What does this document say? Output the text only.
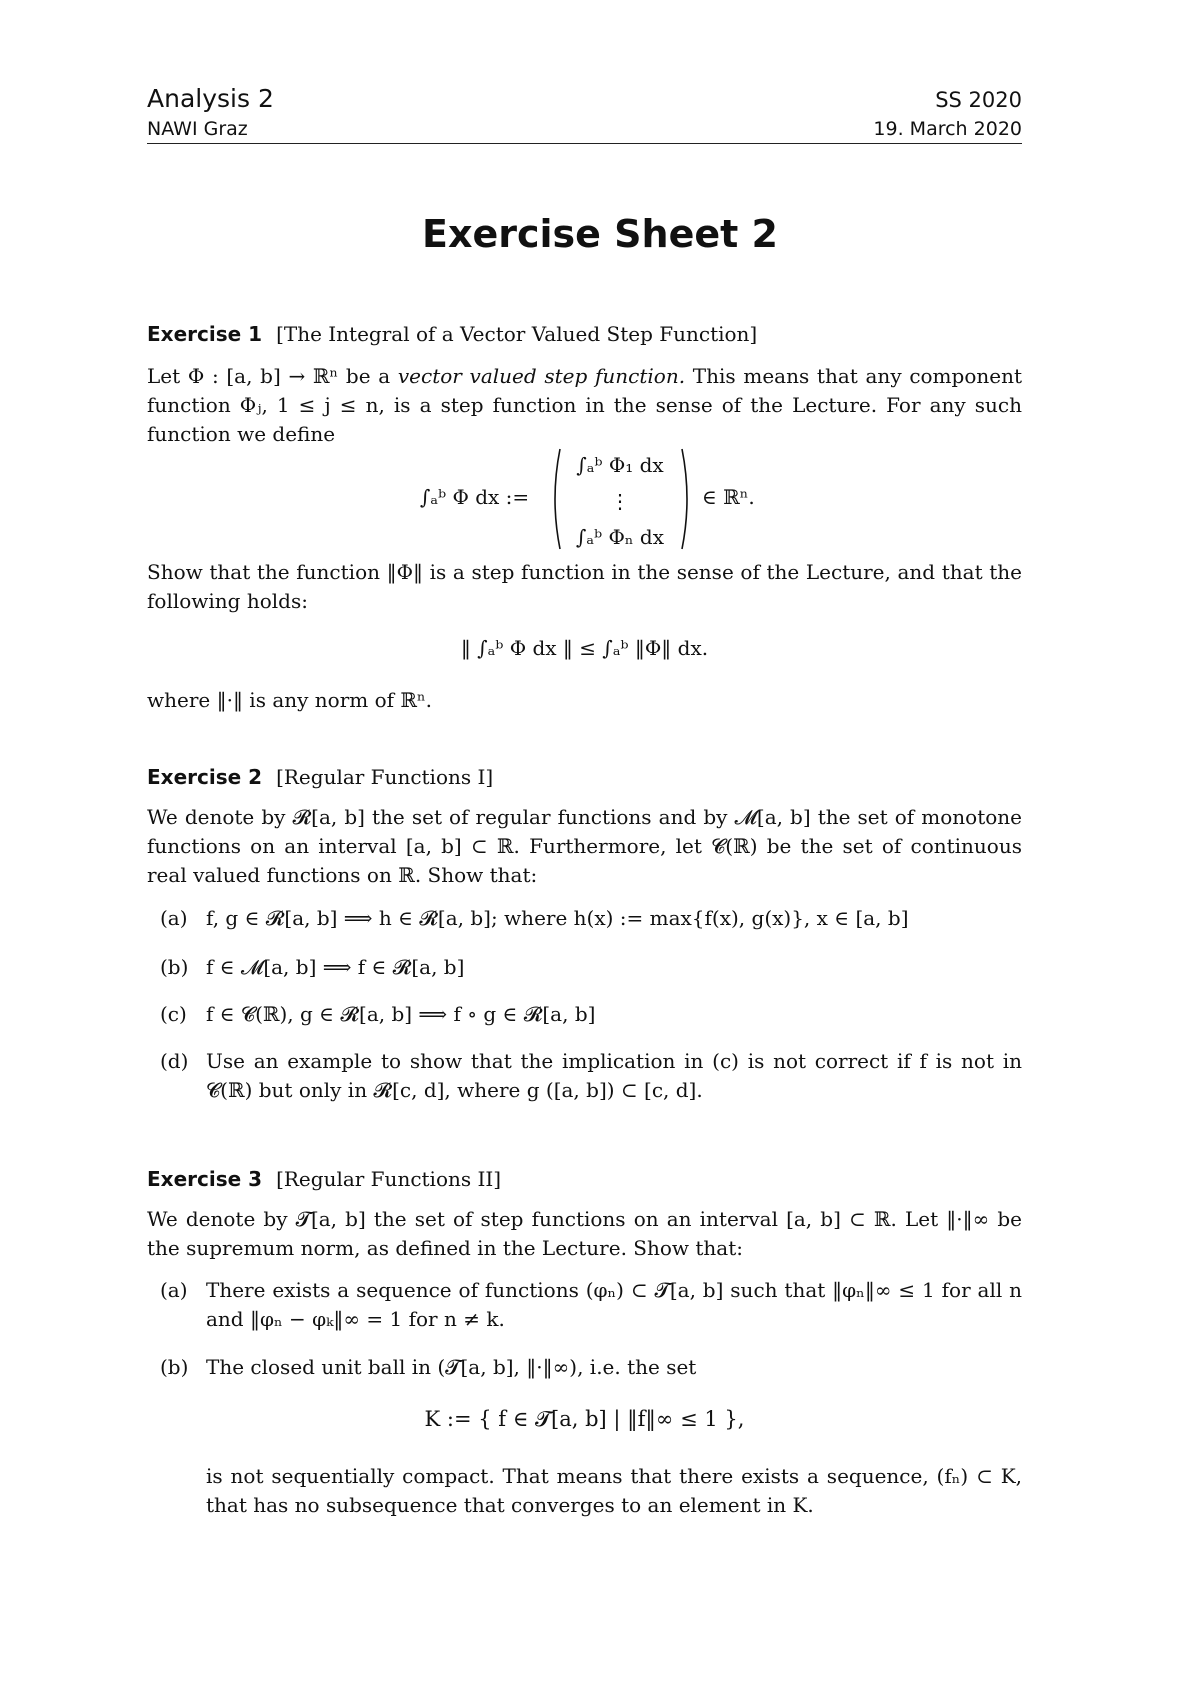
Analysis 2
NAWI Graz
SS 2020
19. March 2020
Exercise Sheet 2
Exercise 1 [The Integral of a Vector Valued Step Function]
Let Φ : [a, b] → ℝⁿ be a vector valued step function. This means that any component function Φⱼ, 1 ≤ j ≤ n, is a step function in the sense of the Lecture. For any such function we define
∫ₐᵇ Φ dx :=
∫ₐᵇ Φ₁ dx
⋮
∫ₐᵇ Φₙ dx
∈ ℝⁿ.
Show that the function ‖Φ‖ is a step function in the sense of the Lecture, and that the following holds:
‖ ∫ₐᵇ Φ dx ‖ ≤ ∫ₐᵇ ‖Φ‖ dx.
where ‖·‖ is any norm of ℝⁿ.
Exercise 2 [Regular Functions I]
We denote by 𝓡[a, b] the set of regular functions and by 𝓜[a, b] the set of monotone functions on an interval [a, b] ⊂ ℝ. Furthermore, let 𝓒(ℝ) be the set of continuous real valued functions on ℝ. Show that:
(a) f, g ∈ 𝓡[a, b] ⟹ h ∈ 𝓡[a, b]; where h(x) := max{f(x), g(x)}, x ∈ [a, b]
(b) f ∈ 𝓜[a, b] ⟹ f ∈ 𝓡[a, b]
(c) f ∈ 𝓒(ℝ), g ∈ 𝓡[a, b] ⟹ f ∘ g ∈ 𝓡[a, b]
(d) Use an example to show that the implication in (c) is not correct if f is not in 𝓒(ℝ) but only in 𝓡[c, d], where g ([a, b]) ⊂ [c, d].
Exercise 3 [Regular Functions II]
We denote by 𝓣[a, b] the set of step functions on an interval [a, b] ⊂ ℝ. Let ‖·‖∞ be the supremum norm, as defined in the Lecture. Show that:
(a) There exists a sequence of functions (φₙ) ⊂ 𝓣[a, b] such that ‖φₙ‖∞ ≤ 1 for all n and ‖φₙ − φₖ‖∞ = 1 for n ≠ k.
(b) The closed unit ball in (𝓣[a, b], ‖·‖∞), i.e. the set
K := { f ∈ 𝓣[a, b] | ‖f‖∞ ≤ 1 },
is not sequentially compact. That means that there exists a sequence, (fₙ) ⊂ K, that has no subsequence that converges to an element in K.
